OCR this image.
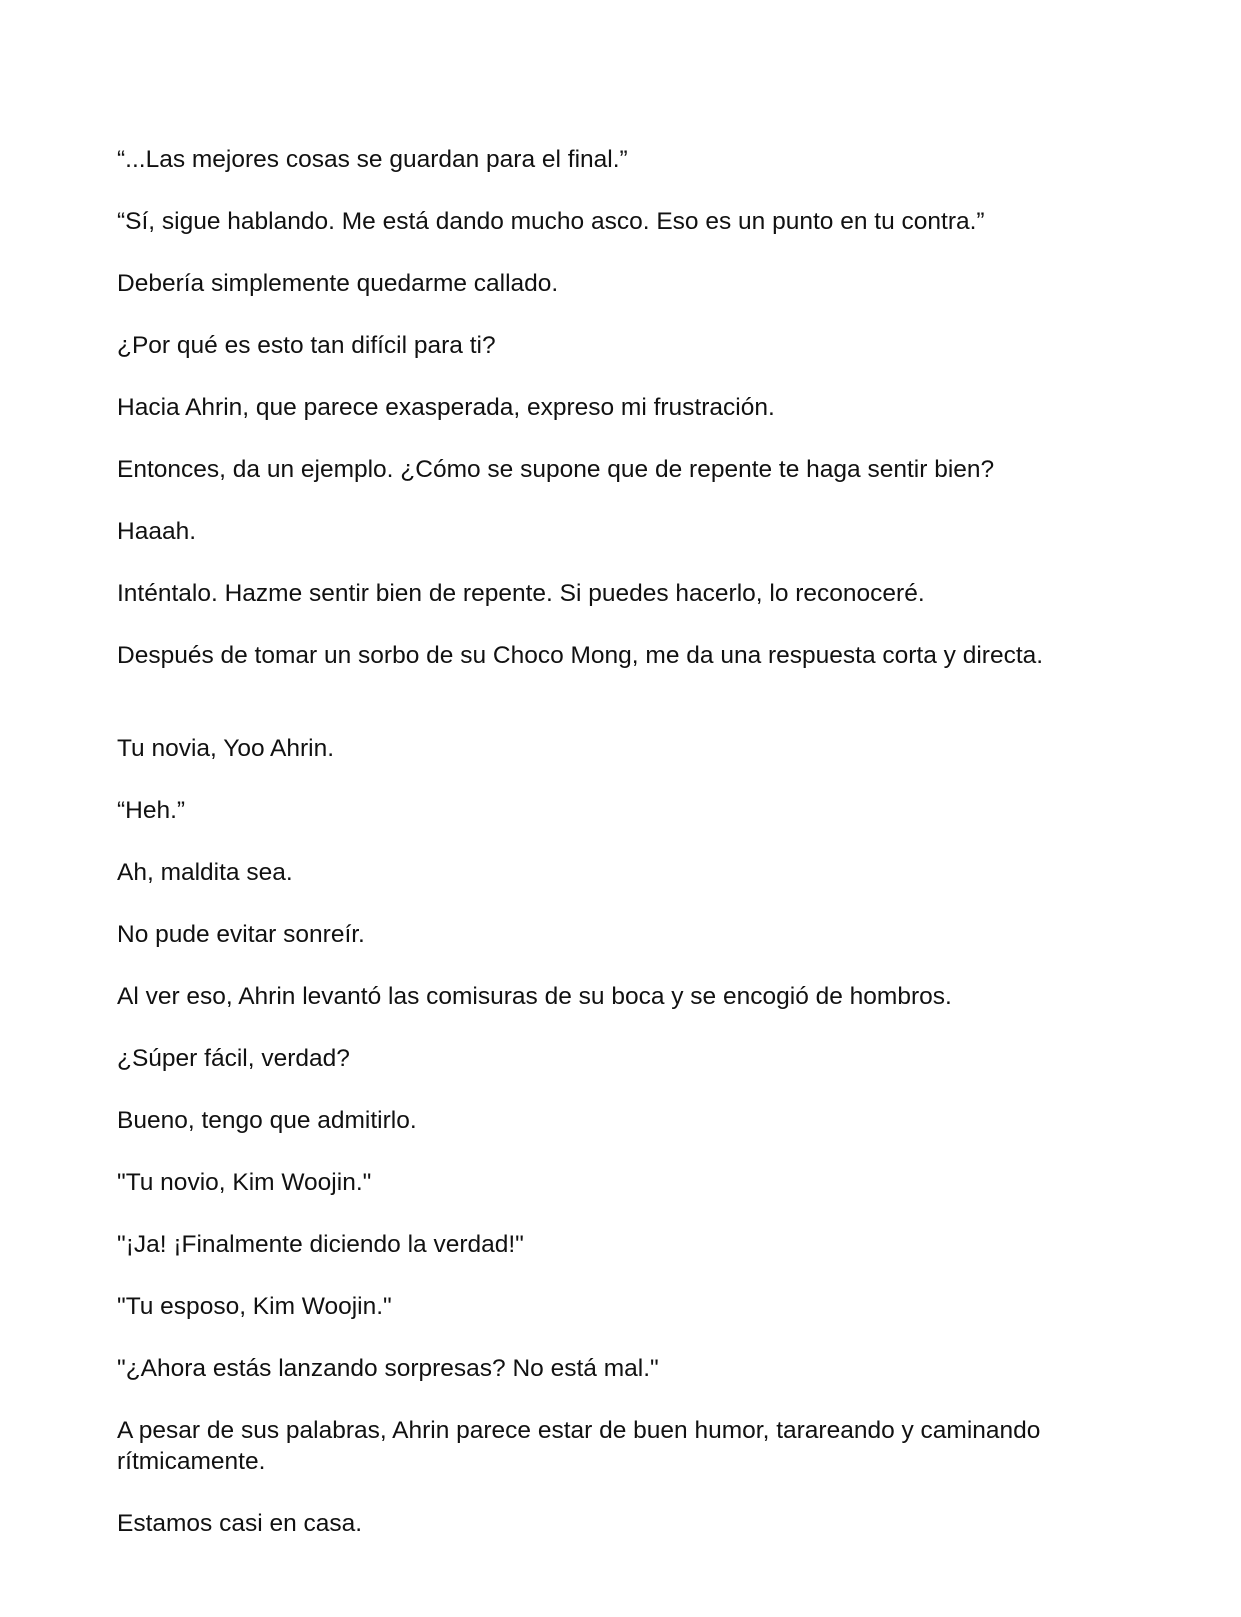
“...Las mejores cosas se guardan para el final.”

“Sí, sigue hablando. Me está dando mucho asco. Eso es un punto en tu contra.”

Debería simplemente quedarme callado.

¿Por qué es esto tan difícil para ti?

Hacia Ahrin, que parece exasperada, expreso mi frustración.

Entonces, da un ejemplo. ¿Cómo se supone que de repente te haga sentir bien?

Haaah.

Inténtalo. Hazme sentir bien de repente. Si puedes hacerlo, lo reconoceré.

Después de tomar un sorbo de su Choco Mong, me da una respuesta corta y directa.

Tu novia, Yoo Ahrin.

“Heh.”

Ah, maldita sea.

No pude evitar sonreír.

Al ver eso, Ahrin levantó las comisuras de su boca y se encogió de hombros.

¿Súper fácil, verdad?

Bueno, tengo que admitirlo.

"Tu novio, Kim Woojin."

"¡Ja! ¡Finalmente diciendo la verdad!"

"Tu esposo, Kim Woojin."

"¿Ahora estás lanzando sorpresas? No está mal."

A pesar de sus palabras, Ahrin parece estar de buen humor, tarareando y caminando rítmicamente.

Estamos casi en casa.
